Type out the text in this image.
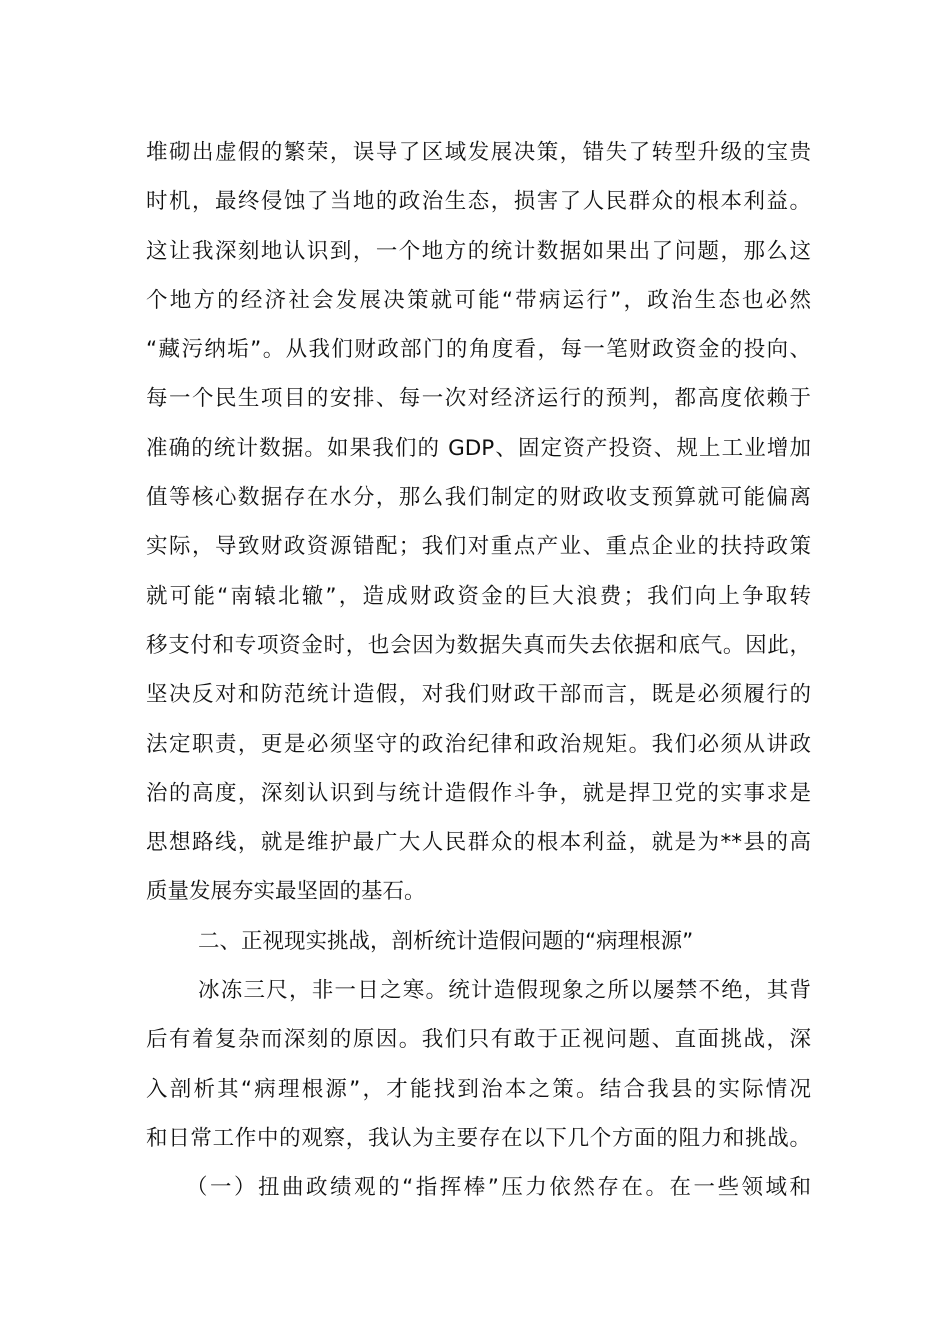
堆砌出虚假的繁荣，误导了区域发展决策，错失了转型升级的宝贵
时机，最终侵蚀了当地的政治生态，损害了人民群众的根本利益。
这让我深刻地认识到，一个地方的统计数据如果出了问题，那么这
个地方的经济社会发展决策就可能“带病运行”，政治生态也必然
“藏污纳垢”。从我们财政部门的角度看，每一笔财政资金的投向、
每一个民生项目的安排、每一次对经济运行的预判，都高度依赖于
准确的统计数据。如果我们的 GDP、固定资产投资、规上工业增加
值等核心数据存在水分，那么我们制定的财政收支预算就可能偏离
实际，导致财政资源错配；我们对重点产业、重点企业的扶持政策
就可能“南辕北辙”，造成财政资金的巨大浪费；我们向上争取转
移支付和专项资金时，也会因为数据失真而失去依据和底气。因此，
坚决反对和防范统计造假，对我们财政干部而言，既是必须履行的
法定职责，更是必须坚守的政治纪律和政治规矩。我们必须从讲政
治的高度，深刻认识到与统计造假作斗争，就是捍卫党的实事求是
思想路线，就是维护最广大人民群众的根本利益，就是为**县的高
质量发展夯实最坚固的基石。
二、正视现实挑战，剖析统计造假问题的“病理根源”
冰冻三尺，非一日之寒。统计造假现象之所以屡禁不绝，其背
后有着复杂而深刻的原因。我们只有敢于正视问题、直面挑战，深
入剖析其“病理根源”，才能找到治本之策。结合我县的实际情况
和日常工作中的观察，我认为主要存在以下几个方面的阻力和挑战。
（一）扭曲政绩观的“指挥棒”压力依然存在。在一些领域和
